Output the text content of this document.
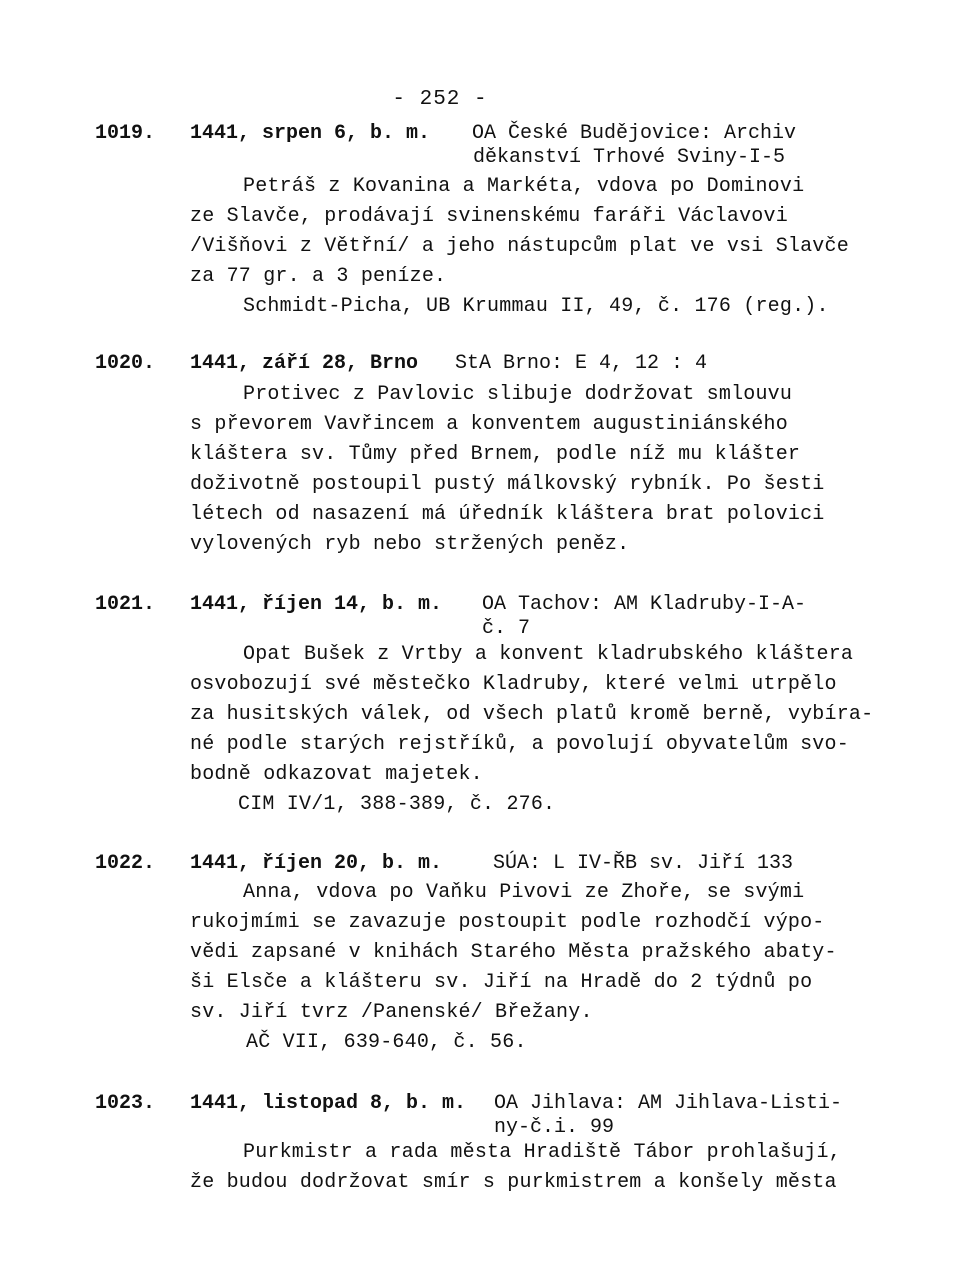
- 252 -
1019. 1441, srpen 6, b. m. OA České Budějovice: Archiv
děkanství Trhové Sviny-I-5
Petráš z Kovanina a Markéta, vdova po Dominovi
ze Slavče, prodávají svinenskému faráři Václavovi
/Višňovi z Větřní/ a jeho nástupcům plat ve vsi Slavče
za 77 gr. a 3 peníze.
Schmidt-Picha, UB Krummau II, 49, č. 176 (reg.).
1020. 1441, září 28, Brno StA Brno: E 4, 12 : 4
Protivec z Pavlovic slibuje dodržovat smlouvu
s převorem Vavřincem a konventem augustiniánského
kláštera sv. Tůmy před Brnem, podle níž mu klášter
doživotně postoupil pustý málkovský rybník. Po šesti
létech od nasazení má úředník kláštera brat polovici
vylovených ryb nebo stržených peněz.
1021. 1441, říjen 14, b. m. OA Tachov: AM Kladruby-I-A-
č. 7
Opat Bušek z Vrtby a konvent kladrubského kláštera
osvobozují své městečko Kladruby, které velmi utrpělo
za husitských válek, od všech platů kromě berně, vybíra-
né podle starých rejstříků, a povolují obyvatelům svo-
bodně odkazovat majetek.
CIM IV/1, 388-389, č. 276.
1022. 1441, říjen 20, b. m.	SÚA: L IV-ŘB sv. Jiří 133
Anna, vdova po Vaňku Pivovi ze Zhoře, se svými
rukojmími se zavazuje postoupit podle rozhodčí výpo-
vědi zapsané v knihách Starého Města pražského abaty-
ši Elsče a klášteru sv. Jiří na Hradě do 2 týdnů po
sv. Jiří tvrz /Panenské/ Břežany.
AČ VII, 639-640, č. 56.
1023. 1441, listopad 8, b. m. OA Jihlava: AM Jihlava-Listi-
ny-č.i. 99
Purkmistr a rada města Hradiště Tábor prohlašují,
že budou dodržovat smír s purkmistrem a konšely města
